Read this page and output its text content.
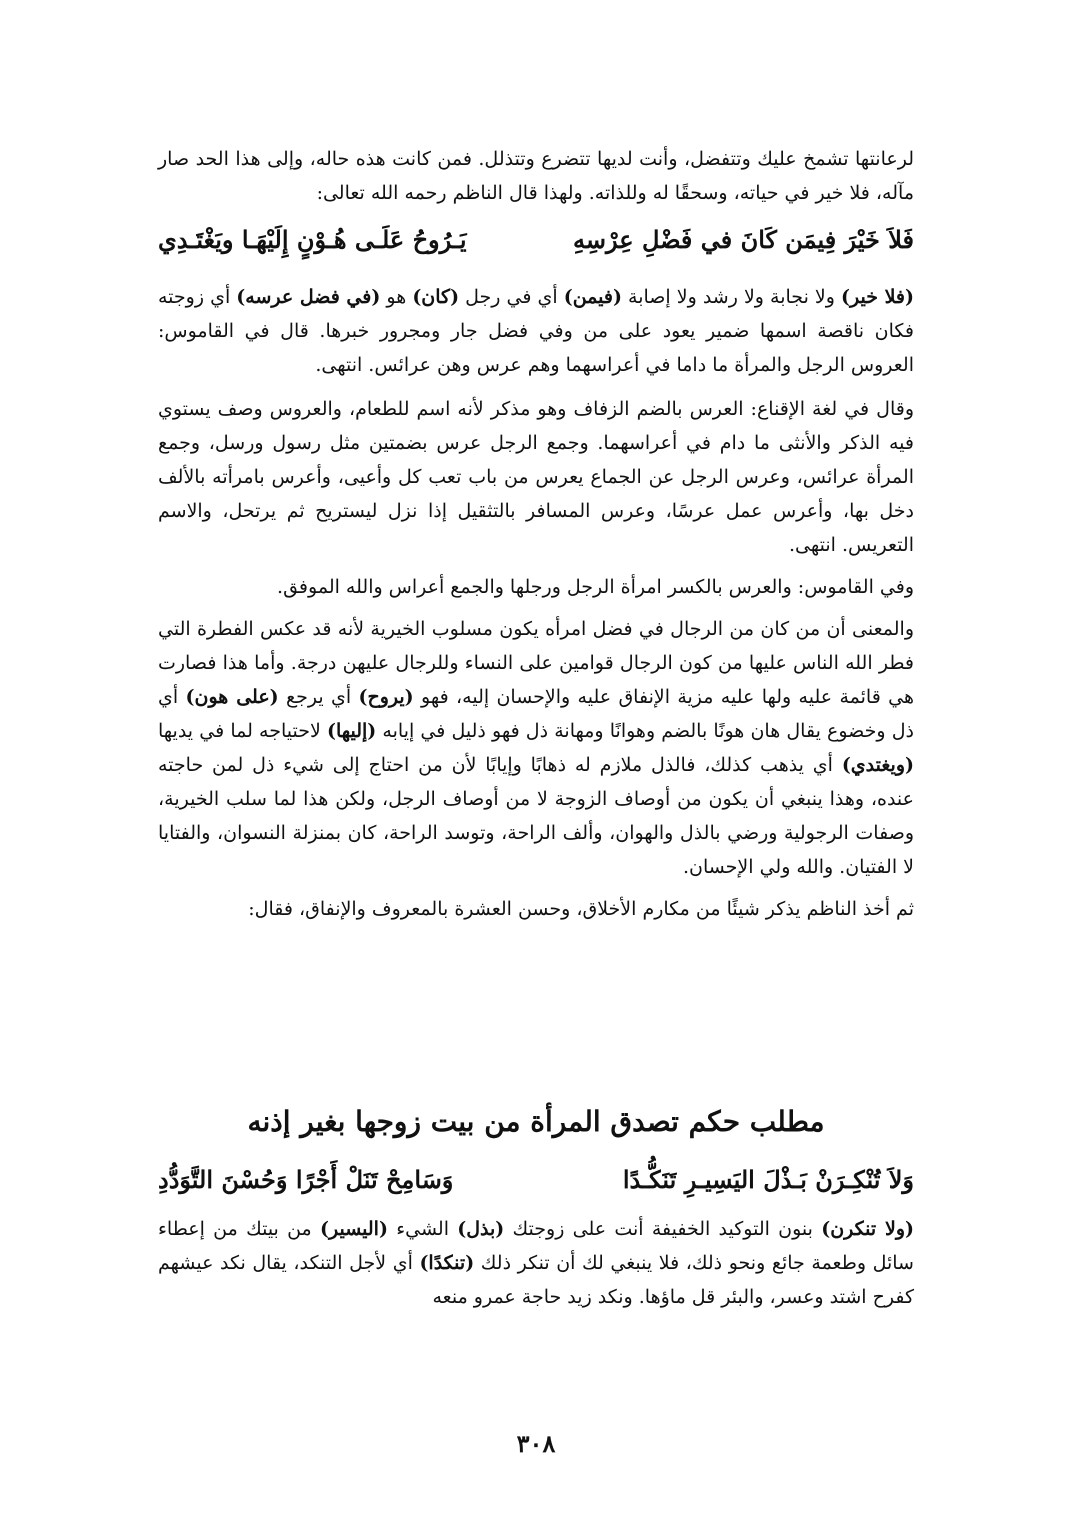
لرعانتها تشمخ عليك وتتفضل، وأنت لديها تتضرع وتتذلل. فمن كانت هذه حاله، وإلى هذا الحد صار مآله، فلا خير في حياته، وسحقًا له وللذاته. ولهذا قال الناظم رحمه الله تعالى:

فَلاَ خَيْرَ فِيمَن كَانَ في فَضْلِ عِرْسِهِ
يَـرُوحُ عَلَـى هُـوْنٍ إِلَيْهَـا ويَغْتَـدِي

(فلا خير) ولا نجابة ولا رشد ولا إصابة (فيمن) أي في رجل (كان) هو (في فضل عرسه) أي زوجته فكان ناقصة اسمها ضمير يعود على من وفي فضل جار ومجرور خبرها. قال في القاموس: العروس الرجل والمرأة ما داما في أعراسهما وهم عرس وهن عرائس. انتهى.

وقال في لغة الإقناع: العرس بالضم الزفاف وهو مذكر لأنه اسم للطعام، والعروس وصف يستوي فيه الذكر والأنثى ما دام في أعراسهما. وجمع الرجل عرس بضمتين مثل رسول ورسل، وجمع المرأة عرائس، وعرس الرجل عن الجماع يعرس من باب تعب كل وأعيى، وأعرس بامرأته بالألف دخل بها، وأعرس عمل عرسًا، وعرس المسافر بالتثقيل إذا نزل ليستريح ثم يرتحل، والاسم التعريس. انتهى.

وفي القاموس: والعرس بالكسر امرأة الرجل ورجلها والجمع أعراس والله الموفق.

والمعنى أن من كان من الرجال في فضل امرأه يكون مسلوب الخيرية لأنه قد عكس الفطرة التي فطر الله الناس عليها من كون الرجال قوامين على النساء وللرجال عليهن درجة. وأما هذا فصارت هي قائمة عليه ولها عليه مزية الإنفاق عليه والإحسان إليه، فهو (يروح) أي يرجع (على هون) أي ذل وخضوع يقال هان هونًا بالضم وهوانًا ومهانة ذل فهو ذليل في إيابه (إليها) لاحتياجه لما في يديها (ويغتدي) أي يذهب كذلك، فالذل ملازم له ذهابًا وإيابًا لأن من احتاج إلى شيء ذل لمن حاجته عنده، وهذا ينبغي أن يكون من أوصاف الزوجة لا من أوصاف الرجل، ولكن هذا لما سلب الخيرية، وصفات الرجولية ورضي بالذل والهوان، وألف الراحة، وتوسد الراحة، كان بمنزلة النسوان، والفتايا لا الفتيان. والله ولي الإحسان.

ثم أخذ الناظم يذكر شيئًا من مكارم الأخلاق، وحسن العشرة بالمعروف والإنفاق، فقال:

مطلب حكم تصدق المرأة من بيت زوجها بغير إذنه
وَلاَ تُنْكِـرَنْ بَـذْلَ اليَسِيـرِ تَنَكُّـدًا
وَسَامِحْ تَنَلْ أَجْرًا وَحُسْنَ التَّوَدُّدِ

(ولا تنكرن) بنون التوكيد الخفيفة أنت على زوجتك (بذل) الشيء (اليسير) من بيتك من إعطاء سائل وطعمة جائع ونحو ذلك، فلا ينبغي لك أن تنكر ذلك (تنكدًا) أي لأجل التنكد، يقال نكد عيشهم كفرح اشتد وعسر، والبئر قل ماؤها. ونكد زيد حاجة عمرو منعه

٣٠٨
